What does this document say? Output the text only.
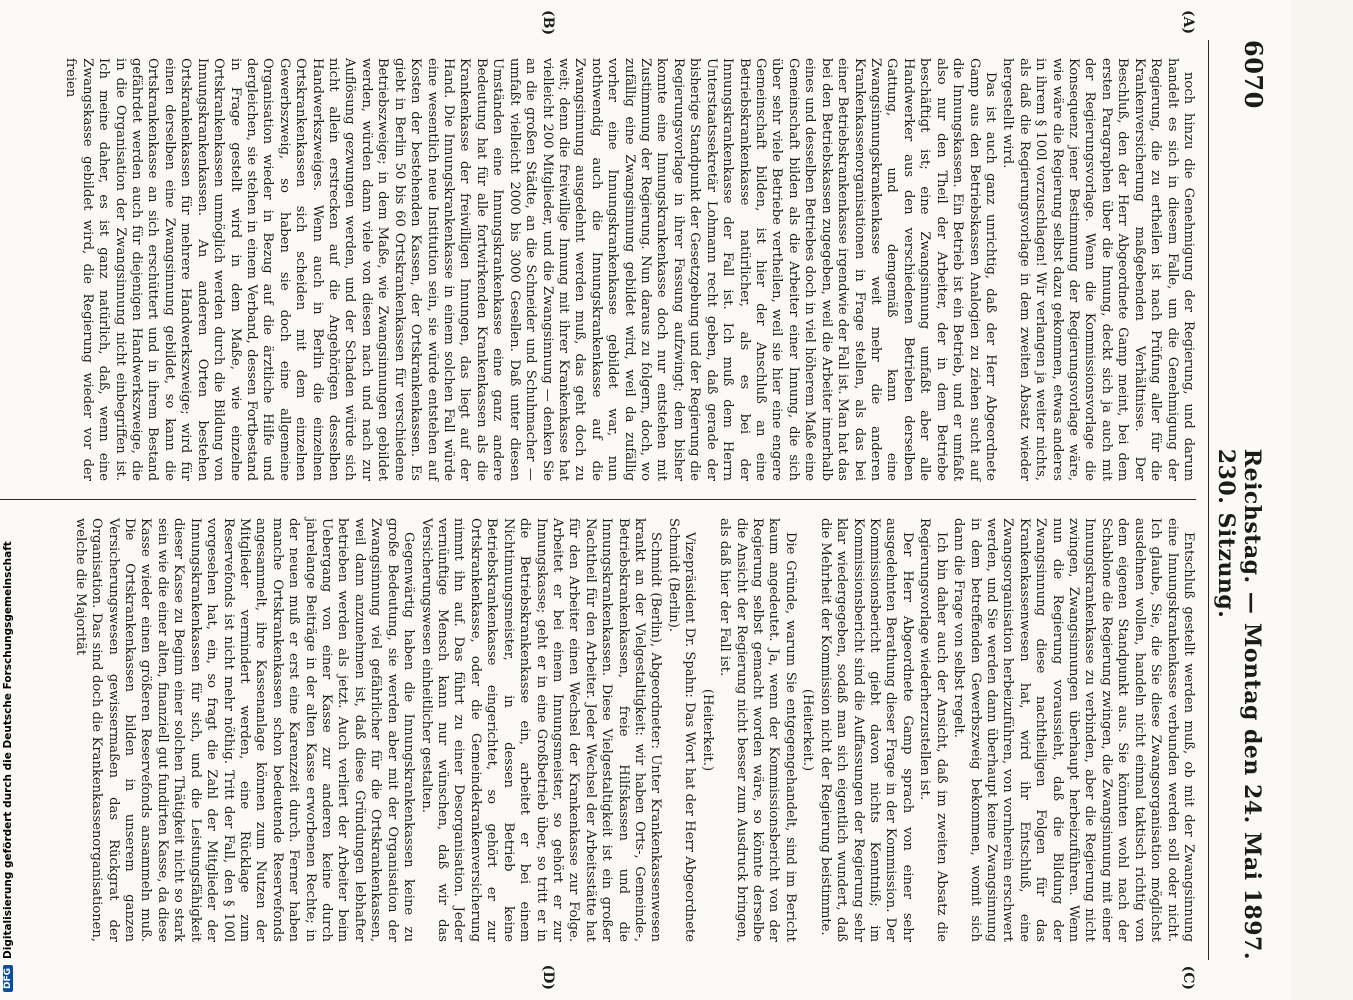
6070
Reichstag. — 230. Sitzung.
Montag den 24. Mai 1897.
(A)
(B)

noch hinzu die Genehmigung der Regierung, und darum handelt es sich in diesem Falle, um die Genehmigung der Regierung, die zu ertheilen ist nach Prüfung aller für die Krankenversicherung maßgebenden Verhältnisse. Der Beschluß, den der Herr Abgeordnete Gamp meint, bei dem ersten Paragraphen über die Innung, deckt sich ja auch mit der Regierungsvorlage. Wenn die Kommissionsvorlage die Konsequenz jener Bestimmung der Regierungsvorlage wäre, wie wäre die Regierung selbst dazu gekommen, etwas anderes in ihrem § 100l vorzuschlagen! Wir verlangen ja weiter nichts, als daß die Regierungsvorlage in dem zweiten Absatz wieder hergestellt wird.

Das ist auch ganz unrichtig, daß der Herr Abgeordnete Gamp aus den Betriebskassen Analogien zu ziehen sucht auf die Innungskassen. Ein Betrieb ist ein Betrieb, und er umfaßt also nur den Theil der Arbeiter, der in dem Betriebe beschäftigt ist; eine Zwangsinnung umfaßt aber alle Handwerker aus den verschiedenen Betrieben derselben Gattung, und demgemäß kann eine Zwangsinnungskrankenkasse weit mehr die anderen Krankenkassenorganisationen in Frage stellen, als das bei einer Betriebskrankenkasse irgendwie der Fall ist. Man hat das bei den Betriebskassen zugegeben, weil die Arbeiter innerhalb eines und desselben Betriebes doch in viel höherem Maße eine Gemeinschaft bilden als die Arbeiter einer Innung, die sich über sehr viele Betriebe vertheilen, weil sie hier eine engere Gemeinschaft bilden, ist hier der Anschluß an eine Betriebskrankenkasse natürlicher, als es bei der Innungskrankenkasse der Fall ist. Ich muß dem Herrn Unterstaatssekretär Lohmann recht geben, daß gerade der bisherige Standpunkt der Gesetzgebung und der Regierung die Regierungsvorlage in ihrer Fassung aufzwingt; dem bisher konnte eine Innungskrankenkasse doch nur entstehen mit Zustimmung der Regierung. Nun daraus zu folgern, doch, wo zufällig eine Zwangsinnung gebildet wird, weil da zufällig vorher eine Innungskrankenkasse gebildet war, nun nothwendig auch die Innungskrankenkasse auf die Zwangsinnung ausgedehnt werden muß, das geht doch zu weit; denn die freiwillige Innung mit ihrer Krankenkasse hat vielleicht 200 Mitglieder, und die Zwangsinnung — denken Sie an die großen Städte, an die Schneider und Schuhmacher — umfaßt vielleicht 2000 bis 3000 Gesellen. Daß unter diesen Umständen eine Innungskrankenkasse eine ganz andere Bedeutung hat für alle fortwirkenden Krankenkassen als die Krankenkasse der freiwilligen Innungen, das liegt auf der Hand. Die Innungskrankenkasse in einem solchen Fall würde eine wesentlich neue Institution sein, sie würde entstehen auf Kosten der bestehenden Kassen, der Ortskrankenkassen. Es giebt in Berlin 50 bis 60 Ortskrankenkassen für verschiedene Betriebszweige; in dem Maße, wie Zwangsinnungen gebildet werden, würden dann viele von diesen nach und nach zur Auflösung gezwungen werden, und der Schaden würde sich nicht allein erstrecken auf die Angehörigen desselben Handwerkszweiges. Wenn auch in Berlin die einzelnen Ortskrankenkassen sich scheiden mit dem einzelnen Gewerbszweig, so haben sie doch eine allgemeine Organisation wieder in Bezug auf die ärztliche Hilfe und dergleichen, sie stehen in einem Verband, dessen Fortbestand in Frage gestellt wird in dem Maße, wie einzelne Ortskrankenkassen unmöglich werden durch die Bildung von Innungskrankenkassen. An anderen Orten bestehen Ortskrankenkassen für mehrere Handwerkszweige; wird für einen derselben eine Zwangsinnung gebildet, so kann die Ortskrankenkasse an sich erschüttert und in ihrem Bestand gefährdet werden auch für diejenigen Handwerkszweige, die in die Organisation der Zwangsinnung nicht einbegriffen ist. Ich meine daher, es ist ganz natürlich, daß, wenn eine Zwangskasse gebildet wird, die Regierung wieder vor der freien

(C)
(D)

Entschluß gestellt werden muß, ob mit der Zwangsinnung eine Innungskrankenkasse verbunden werden soll oder nicht. Ich glaube, Sie, die Sie diese Zwangsorganisation möglichst ausdehnen wollen, handeln nicht einmal taktisch richtig von dem eigenen Standpunkt aus. Sie könnten wohl nach der Schablone die Regierung zwingen, die Zwangsinnung mit einer Innungskrankenkasse zu verbinden, aber die Regierung nicht zwingen, Zwangsinnungen überhaupt herbeizuführen. Wenn nun die Regierung voraussieht, daß die Bildung der Zwangsinnung diese nachtheiligen Folgen für das Krankenkassenwesen hat, wird ihr Entschluß, eine Zwangsorganisation herbeizuführen, von vornherein erschwert werden, und Sie werden dann überhaupt keine Zwangsinnung in dem betreffenden Gewerbszweig bekommen, womit sich dann die Frage von selbst regelt.

Ich bin daher auch der Ansicht, daß im zweiten Absatz die Regierungsvorlage wiederherzustellen ist.

Der Herr Abgeordnete Gamp sprach von einer sehr ausgedehnten Berathung dieser Frage in der Kommission. Der Kommissionsbericht giebt davon nichts Kenntniß; im Kommissionsbericht sind die Auffassungen der Regierung sehr klar wiedergegeben, sodaß man sich eigentlich wundert, daß die Mehrheit der Kommission nicht der Regierung beistimmte.

(Heiterkeit.)

Die Gründe, warum Sie entgegengehandelt, sind im Bericht kaum angedeutet. Ja, wenn der Kommissionsbericht von der Regierung selbst gemacht worden wäre, so könnte derselbe die Ansicht der Regierung nicht besser zum Ausdruck bringen, als daß hier der Fall ist.

(Heiterkeit.)

Vizepräsident Dr. Spahn: Das Wort hat der Herr Abgeordnete Schmidt (Berlin).

Schmidt (Berlin), Abgeordneter: Unter Krankenkassenwesen krankt an der Vielgestaltigkeit: wir haben Orts-, Gemeinde-, Betriebskrankenkassen, freie Hilfskassen und die Innungskrankenkassen. Diese Vielgestaltigkeit ist ein großer Nachtheil für den Arbeiter. Jeder Wechsel der Arbeitsstätte hat für den Arbeiter einen Wechsel der Krankenkasse zur Folge. Arbeitet er bei einem Innungsmeister, so gehört er zur Innungskasse; geht er in eine Großbetrieb über, so tritt er in die Betriebskrankenkasse ein, arbeitet er bei einem Nichtinnungsmeister, in dessen Betrieb keine Betriebskrankenkasse eingerichtet, so gehört er zur Ortskrankenkasse, oder die Gemeindekrankenversicherung nimmt ihn auf. Das führt zu einer Desorganisation. Jeder vernünftige Mensch kann nur wünschen, daß wir das Versicherungswesen einheitlicher gestalten.

Gegenwärtig haben die Innungskrankenkassen keine zu große Bedeutung, sie werden aber mit der Organisation der Zwangsinnung viel gefährlicher für die Ortskrankenkassen, weil dann anzunehmen ist, daß diese Gründungen lebhafter betrieben werden als jetzt. Auch verliert der Arbeiter beim Uebergang von einer Kasse zur anderen keine durch jahrelange Beiträge in der alten Kasse erworbenen Rechte; in der neuen muß er erst eine Karenzzeit durch. Ferner haben manche Ortskrankenkassen schon bedeutende Reservefonds angesammelt, ihre Kassenanlage können zum Nutzen der Mitglieder vermindert werden, eine Rücklage zum Reservefonds ist nicht mehr nöthig. Tritt der Fall, den § 100l vorgesehen hat, ein, so fragt die Zahl der Mitglieder der Innungskrankenkassen für sich, und die Leistungsfähigkeit dieser Kasse zu Beginn einer solchen Thätigkeit nicht so stark sein wie die einer alten, finanziell gut fundirten Kasse, da diese Kasse wieder einen größeren Reservefonds ansammeln muß. Die Ortskrankenkassen bilden in unserem ganzen Versicherungswesen gewissermaßen das Rückgrat der Organisation. Das sind doch die Krankenkassenorganisationen, welche die Majorität

DFG
Digitalisierung gefördert durch die Deutsche Forschungsgemeinschaft
